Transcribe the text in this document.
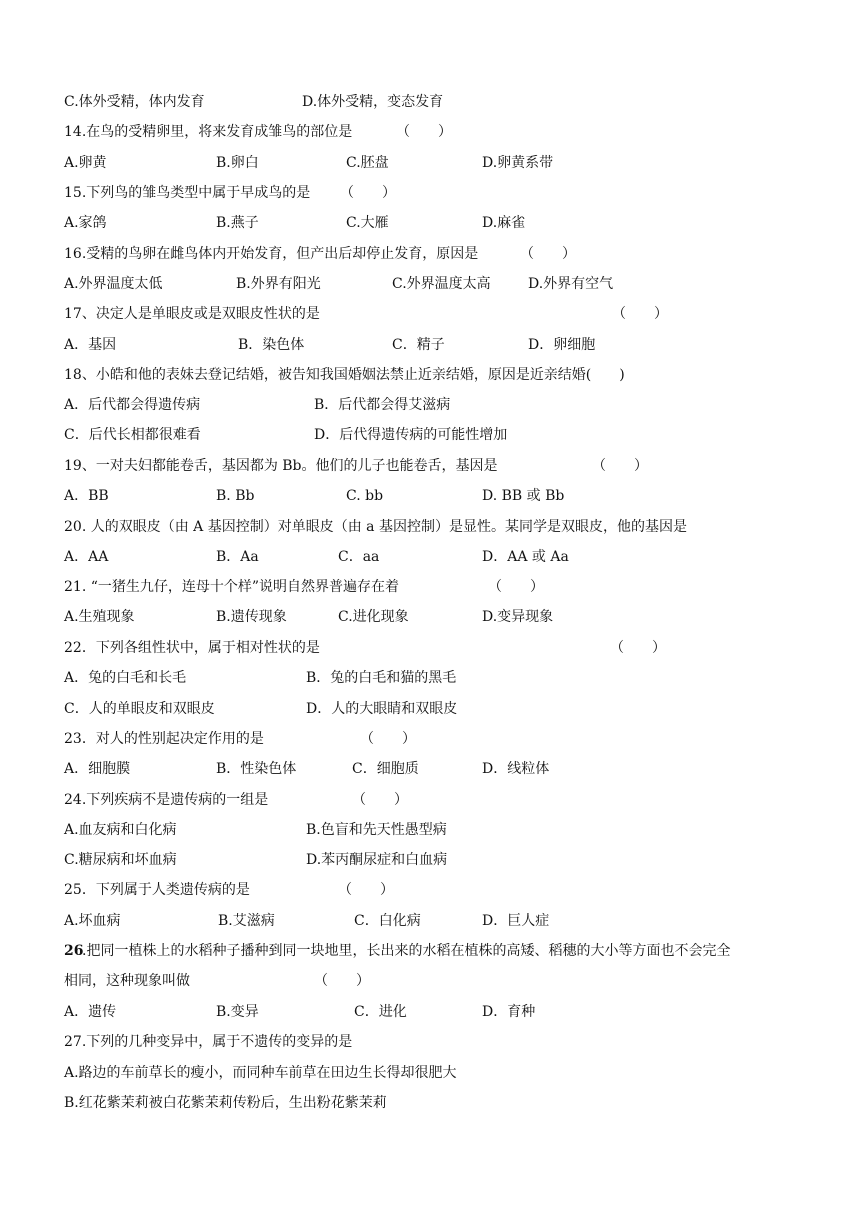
C.体外受精，体内发育	D.体外受精，变态发育
14.在鸟的受精卵里，将来发育成雏鸟的部位是	（　　）
A.卵黄	B.卵白	C.胚盘	D.卵黄系带
15.下列鸟的雏鸟类型中属于早成鸟的是 （　　）
A.家鸽	B.燕子	C.大雁	D.麻雀
16.受精的鸟卵在雌鸟体内开始发育，但产出后却停止发育，原因是	（　　）
A.外界温度太低	B.外界有阳光	C.外界温度太高	D.外界有空气
17、决定人是单眼皮或是双眼皮性状的是	（　　）
A．基因	B．染色体	C．精子	D．卵细胞
18、小皓和他的表妹去登记结婚，被告知我国婚姻法禁止近亲结婚，原因是近亲结婚(　　)
A．后代都会得遗传病	B．后代都会得艾滋病
C．后代长相都很难看	D．后代得遗传病的可能性增加
19、一对夫妇都能卷舌，基因都为 Bb。他们的儿子也能卷舌，基因是	（　　）
A．BB	B. Bb	C. bb	D. BB 或 Bb
20. 人的双眼皮（由 A 基因控制）对单眼皮（由 a 基因控制）是显性。某同学是双眼皮，他的基因是
A．AA	B．Aa	C．aa	D．AA 或 Aa
21. “一猪生九仔，连母十个样”说明自然界普遍存在着	（　　）
A.生殖现象	B.遗传现象	C.进化现象	D.变异现象
22．下列各组性状中，属于相对性状的是	（　　）
A．兔的白毛和长毛	B．兔的白毛和猫的黑毛
C．人的单眼皮和双眼皮	D．人的大眼睛和双眼皮
23．对人的性别起决定作用的是	（　　）
A．细胞膜	B．性染色体	C．细胞质	D．线粒体
24.下列疾病不是遗传病的一组是	（　　）
A.血友病和白化病	B.色盲和先天性愚型病
C.糖尿病和坏血病	D.苯丙酮尿症和白血病
25．下列属于人类遗传病的是	（　　）
A.坏血病	B.艾滋病	C．白化病	D．巨人症
26
.把同一植株上的水稻种子播种到同一块地里，长出来的水稻在植株的高矮、稻穗的大小等方面也不会完全
相同，这种现象叫做	（　　）
A．遗传	B.变异	C．进化	D．育种
27.下列的几种变异中，属于不遗传的变异的是
A.路边的车前草长的瘦小，而同种车前草在田边生长得却很肥大
B.红花紫茉莉被白花紫茉莉传粉后，生出粉花紫茉莉
